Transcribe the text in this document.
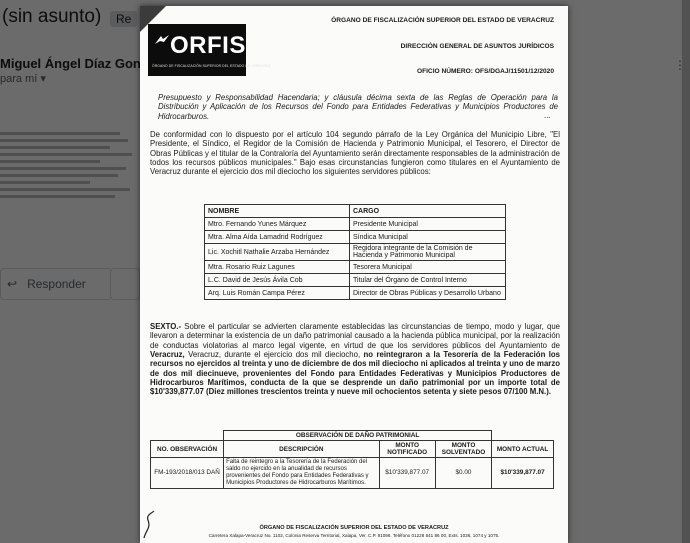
ORFIS
ÓRGANO DE FISCALIZACIÓN SUPERIOR DEL ESTADO DE VERACRUZ
ÓRGANO DE FISCALIZACIÓN SUPERIOR DEL ESTADO DE VERACRUZ
DIRECCIÓN GENERAL DE ASUNTOS JURÍDICOS
OFICIO NÚMERO: OFS/DGAJ/11501/12/2020
Presupuesto y Responsabilidad Hacendaria; y cláusula décima sexta de las Reglas de Operación para la Distribución y Aplicación de los Recursos del Fondo para Entidades Federativas y Municipios Productores de Hidrocarburos.	...
De conformidad con lo dispuesto por el artículo 104 segundo párrafo de la Ley Orgánica del Municipio Libre, "El Presidente, el Síndico, el Regidor de la Comisión de Hacienda y Patrimonio Municipal, el Tesorero, el Director de Obras Públicas y el titular de la Contraloría del Ayuntamiento serán directamente responsables de la administración de todos los recursos públicos municipales." Bajo esas circunstancias fungieron como titulares en el Ayuntamiento de Veracruz durante el ejercicio dos mil dieciocho los siguientes servidores públicos:
NOMBRE	CARGO
Mtro. Fernando Yunes Márquez	Presidente Municipal
Mtra. Alma Aída Lamadrid Rodríguez	Síndica Municipal
Lic. Xochitl Nathalie Arzaba Hernández	Regidora integrante de la Comisión de Hacienda y Patrimonio Municipal
Mtra. Rosario Ruiz Lagunes	Tesorera Municipal
L.C. David de Jesús Ávila Cob	Titular del Órgano de Control Interno
Arq. Luis Román Campa Pérez	Director de Obras Públicas y Desarrollo Urbano
SEXTO.- Sobre el particular se advierten claramente establecidas las circunstancias de tiempo, modo y lugar, que llevaron a determinar la existencia de un daño patrimonial causado a la hacienda pública municipal, por la realización de conductas violatorias al marco legal vigente, en virtud de que los servidores públicos del Ayuntamiento de Veracruz, Veracruz, durante el ejercicio dos mil dieciocho, no reintegraron a la Tesorería de la Federación los recursos no ejercidos al treinta y uno de diciembre de dos mil dieciocho ni aplicados al treinta y uno de marzo de dos mil diecinueve, provenientes del Fondo para Entidades Federativas y Municipios Productores de Hidrocarburos Marítimos, conducta de la que se desprende un daño patrimonial por un importe total de $10'339,877.07 (Diez millones trescientos treinta y nueve mil ochocientos setenta y siete pesos 07/100 M.N.).
	OBSERVACIÓN DE DAÑO PATRIMONIAL			
NO. OBSERVACIÓN	DESCRIPCIÓN	MONTO NOTIFICADO	MONTO SOLVENTADO	MONTO ACTUAL
FM-193/2018/013 DAÑ	Falta de reintegro a la Tesorería de la Federación del saldo no ejercido en la anualidad de recursos provenientes del Fondo para Entidades Federativas y Municipios Productores de Hidrocarburos Marítimos.	$10'339,877.07	$0.00	$10'339,877.07
ÓRGANO DE FISCALIZACIÓN SUPERIOR DEL ESTADO DE VERACRUZ
Carretera Xalapa-Veracruz No. 1102, Colonia Reserva Territorial, Xalapa, Ver. C.P. 91096. Teléfono 01228 841 86 00, Exts. 1036, 1074 y 1075.
